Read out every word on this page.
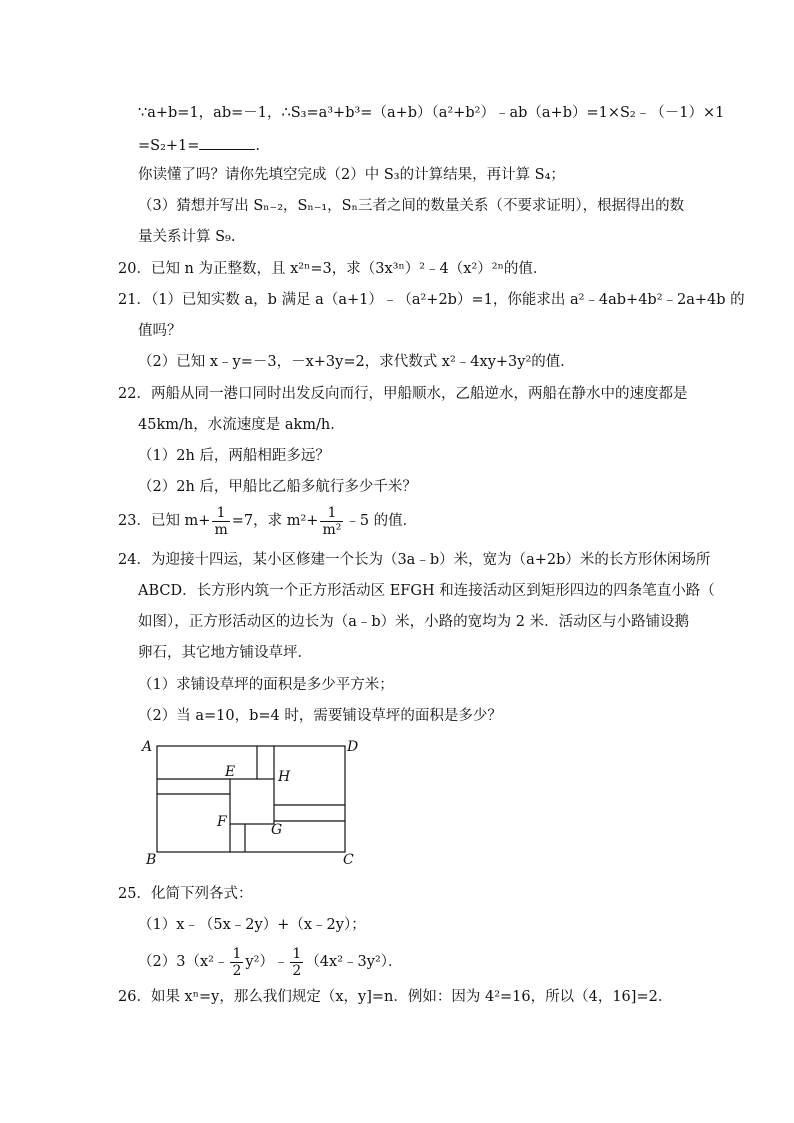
∵a+b=1，ab=－1，∴S₃=a³+b³=（a+b）（a²+b²）﹣ab（a+b）=1×S₂﹣（－1）×1
=S₂+1=	.
你读懂了吗？请你先填空完成（2）中 S₃的计算结果，再计算 S₄；
（3）猜想并写出 Sₙ₋₂，Sₙ₋₁，Sₙ三者之间的数量关系（不要求证明），根据得出的数
量关系计算 S₉.
20．已知 n 为正整数，且 x²ⁿ=3，求（3x³ⁿ）²﹣4（x²）²ⁿ的值．
21．（1）已知实数 a，b 满足 a（a+1）﹣（a²+2b）=1，你能求出 a²﹣4ab+4b²﹣2a+4b 的
值吗？
（2）已知 x﹣y=－3，－x+3y=2，求代数式 x²﹣4xy+3y²的值．
22．两船从同一港口同时出发反向而行，甲船顺水，乙船逆水，两船在静水中的速度都是
45km/h，水流速度是 akm/h．
（1）2h 后，两船相距多远？
（2）2h 后，甲船比乙船多航行多少千米？
23．已知 $m+ \frac{1}{m} =7$，求 $m^2+ \frac{1}{\text{m²}}$ ﹣5 的值．
24．为迎接十四运，某小区修建一个长为（3a﹣b）米，宽为（a+2b）米的长方形休闲场所
ABCD．长方形内筑一个正方形活动区 EFGH 和连接活动区到矩形四边的四条笔直小路（
如图），正方形活动区的边长为（a﹣b）米，小路的宽均为 2 米．活动区与小路铺设鹅
卵石，其它地方铺设草坪．
（1）求铺设草坪的面积是多少平方米；
（2）当 a=10，b=4 时，需要铺设草坪的面积是多少？
A	D
B	C
E	H
F	G
25．化简下列各式：
（1）x﹣（5x﹣2y）+（x﹣2y）；
（2）3（x²﹣ $\frac{1}{2}$ y²）﹣ $\frac{1}{2}$ （4x²﹣3y²）．
26．如果 xⁿ=y，那么我们规定（x，y]=n．例如：因为 4²=16，所以（4，16]=2．
